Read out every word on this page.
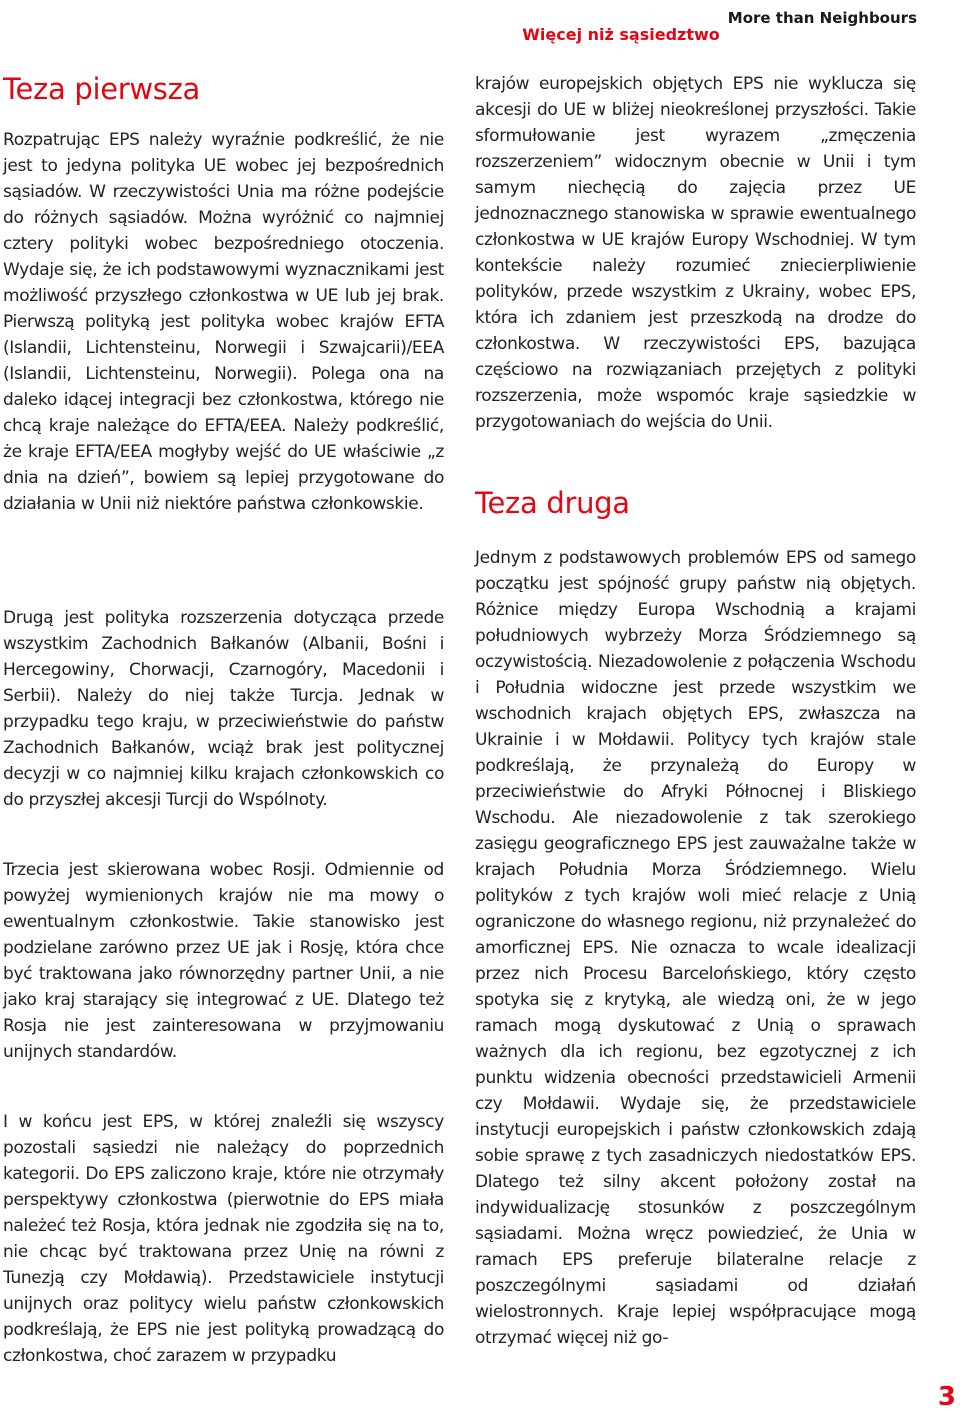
Więcej niż sąsiedztwo
More than Neighbours
Teza pierwsza

Rozpatrując EPS należy wyraźnie podkreślić, że nie jest to jedyna polityka UE wobec jej bezpośrednich sąsiadów. W rzeczywistości Unia ma różne podejście do różnych sąsiadów. Można wyróżnić co najmniej cztery polityki wobec bezpośredniego otoczenia. Wydaje się, że ich podstawowymi wyznacznikami jest możliwość przyszłego członkostwa w UE lub jej brak. Pierwszą polityką jest polityka wobec krajów EFTA (Islandii, Lichtensteinu, Norwegii i Szwajcarii)/EEA (Islandii, Lichtensteinu, Norwegii). Polega ona na daleko idącej integracji bez członkostwa, którego nie chcą kraje należące do EFTA/EEA. Należy podkreślić, że kraje EFTA/EEA mogłyby wejść do UE właściwie „z dnia na dzień”, bowiem są lepiej przygotowane do działania w Unii niż niektóre państwa członkowskie.

Drugą jest polityka rozszerzenia dotycząca przede wszystkim Zachodnich Bałkanów (Albanii, Bośni i Hercegowiny, Chorwacji, Czarnogóry, Macedonii i Serbii). Należy do niej także Turcja. Jednak w przypadku tego kraju, w przeciwieństwie do państw Zachodnich Bałkanów, wciąż brak jest politycznej decyzji w co najmniej kilku krajach członkowskich co do przyszłej akcesji Turcji do Wspólnoty.

Trzecia jest skierowana wobec Rosji. Odmiennie od powyżej wymienionych krajów nie ma mowy o ewentualnym członkostwie. Takie stanowisko jest podzielane zarówno przez UE jak i Rosję, która chce być traktowana jako równorzędny partner Unii, a nie jako kraj starający się integrować z UE. Dlatego też Rosja nie jest zainteresowana w przyjmowaniu unijnych standardów.

I w końcu jest EPS, w której znaleźli się wszyscy pozostali sąsiedzi nie należący do poprzednich kategorii. Do EPS zaliczono kraje, które nie otrzymały perspektywy członkostwa (pierwotnie do EPS miała należeć też Rosja, która jednak nie zgodziła się na to, nie chcąc być traktowana przez Unię na równi z Tunezją czy Mołdawią). Przedstawiciele instytucji unijnych oraz politycy wielu państw członkowskich podkreślają, że EPS nie jest polityką prowadzącą do członkostwa, choć zarazem w przypadku

krajów europejskich objętych EPS nie wyklucza się akcesji do UE w bliżej nieokreślonej przyszłości. Takie sformułowanie jest wyrazem „zmęczenia rozszerzeniem” widocznym obecnie w Unii i tym samym niechęcią do zajęcia przez UE jednoznacznego stanowiska w sprawie ewentualnego członkostwa w UE krajów Europy Wschodniej. W tym kontekście należy rozumieć zniecierpliwienie polityków, przede wszystkim z Ukrainy, wobec EPS, która ich zdaniem jest przeszkodą na drodze do członkostwa. W rzeczywistości EPS, bazująca częściowo na rozwiązaniach przejętych z polityki rozszerzenia, może wspomóc kraje sąsiedzkie w przygotowaniach do wejścia do Unii.

Teza druga

Jednym z podstawowych problemów EPS od samego początku jest spójność grupy państw nią objętych. Różnice między Europa Wschodnią a krajami południowych wybrzeży Morza Śródziemnego są oczywistością. Niezadowolenie z połączenia Wschodu i Południa widoczne jest przede wszystkim we wschodnich krajach objętych EPS, zwłaszcza na Ukrainie i w Mołdawii. Politycy tych krajów stale podkreślają, że przynależą do Europy w przeciwieństwie do Afryki Północnej i Bliskiego Wschodu. Ale niezadowolenie z tak szerokiego zasięgu geograficznego EPS jest zauważalne także w krajach Południa Morza Śródziemnego. Wielu polityków z tych krajów woli mieć relacje z Unią ograniczone do własnego regionu, niż przynależeć do amorficznej EPS. Nie oznacza to wcale idealizacji przez nich Procesu Barcelońskiego, który często spotyka się z krytyką, ale wiedzą oni, że w jego ramach mogą dyskutować z Unią o sprawach ważnych dla ich regionu, bez egzotycznej z ich punktu widzenia obecności przedstawicieli Armenii czy Mołdawii. Wydaje się, że przedstawiciele instytucji europejskich i państw członkowskich zdają sobie sprawę z tych zasadniczych niedostatków EPS. Dlatego też silny akcent położony został na indywidualizację stosunków z poszczególnym sąsiadami. Można wręcz powiedzieć, że Unia w ramach EPS preferuje bilateralne relacje z poszczególnymi sąsiadami od działań wielostronnych. Kraje lepiej współpracujące mogą otrzymać więcej niż go-

3
